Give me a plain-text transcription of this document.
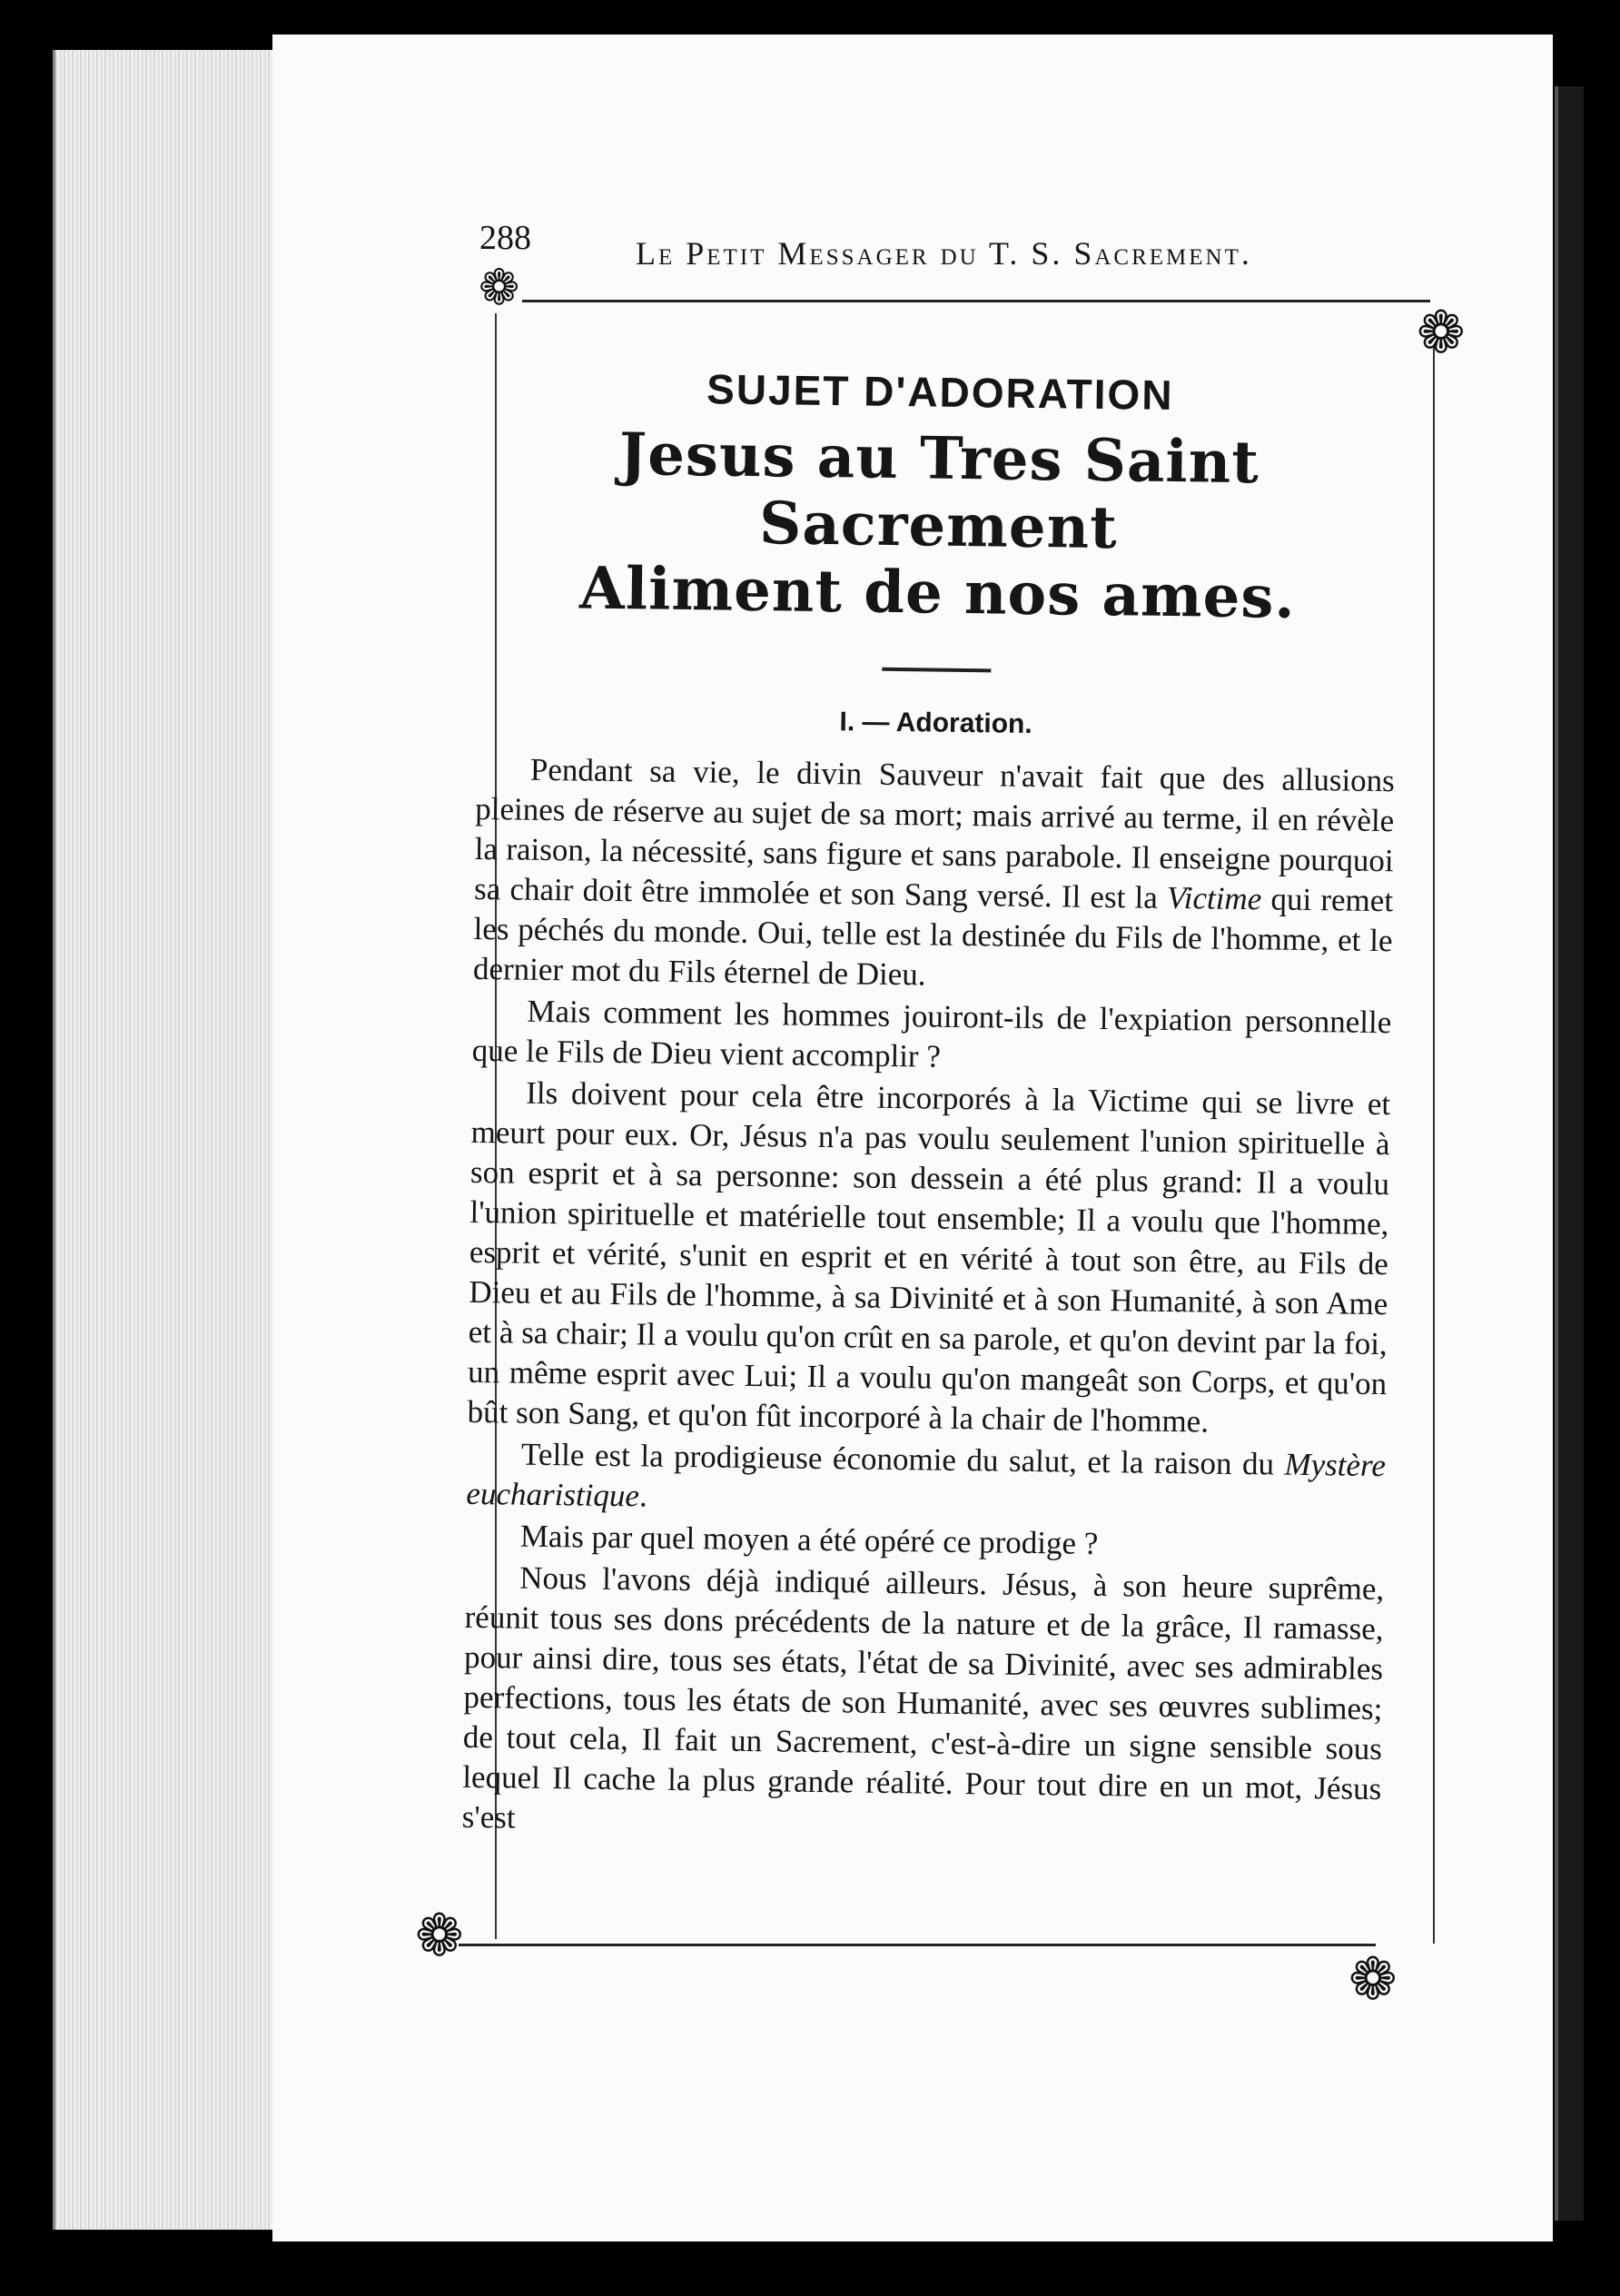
288	Le Petit Messager du T. S. Sacrement.
❁
❁
❁
❁
SUJET D'ADORATION
Jesus au Tres Saint Sacrement
Aliment de nos ames.
I. — Adoration.

Pendant sa vie, le divin Sauveur n'avait fait que des allusions pleines de réserve au sujet de sa mort; mais arrivé au terme, il en révèle la raison, la nécessité, sans figure et sans parabole. Il enseigne pourquoi sa chair doit être immolée et son Sang versé. Il est la Victime qui remet les péchés du monde. Oui, telle est la destinée du Fils de l'homme, et le dernier mot du Fils éternel de Dieu.

Mais comment les hommes jouiront-ils de l'expiation personnelle que le Fils de Dieu vient accomplir ?

Ils doivent pour cela être incorporés à la Victime qui se livre et meurt pour eux. Or, Jésus n'a pas voulu seulement l'union spirituelle à son esprit et à sa personne: son dessein a été plus grand: Il a voulu l'union spirituelle et matérielle tout ensemble; Il a voulu que l'homme, esprit et vérité, s'unit en esprit et en vérité à tout son être, au Fils de Dieu et au Fils de l'homme, à sa Divinité et à son Humanité, à son Ame et à sa chair; Il a voulu qu'on crût en sa parole, et qu'on devint par la foi, un même esprit avec Lui; Il a voulu qu'on mangeât son Corps, et qu'on bût son Sang, et qu'on fût incorporé à la chair de l'homme.

Telle est la prodigieuse économie du salut, et la raison du Mystère eucharistique.

Mais par quel moyen a été opéré ce prodige ?

Nous l'avons déjà indiqué ailleurs. Jésus, à son heure suprême, réunit tous ses dons précédents de la nature et de la grâce, Il ramasse, pour ainsi dire, tous ses états, l'état de sa Divinité, avec ses admirables perfections, tous les états de son Humanité, avec ses œuvres sublimes; de tout cela, Il fait un Sacrement, c'est-à-dire un signe sensible sous lequel Il cache la plus grande réalité. Pour tout dire en un mot, Jésus s'est
